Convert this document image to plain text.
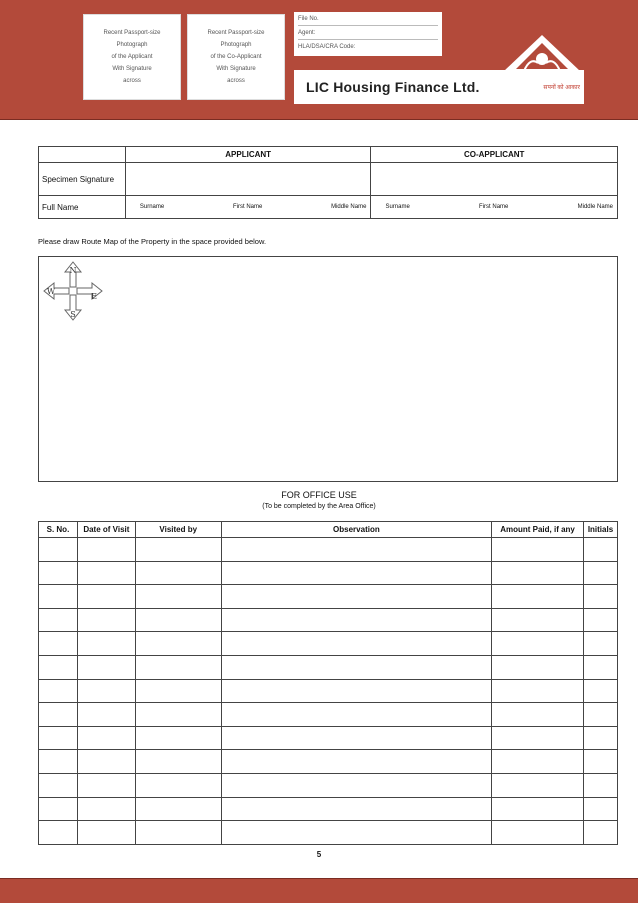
Recent Passport-size
Photograph
of the Applicant
With Signature
across
Recent Passport-size
Photograph
of the Co-Applicant
With Signature
across
File No.
Agent:
HLA/DSA/CRA Code:
LIC Housing Finance Ltd.	सपनों को आकार
	APPLICANT	CO-APPLICANT
Specimen Signature		
Full Name	Surname First Name Middle Name	Surname First Name Middle Name
Please draw Route Map of the Property in the space provided below.
N
S
W
E
FOR OFFICE USE
(To be completed by the Area Office)
S. No.	Date of Visit	Visited by	Observation	Amount Paid, if any	Initials

5
